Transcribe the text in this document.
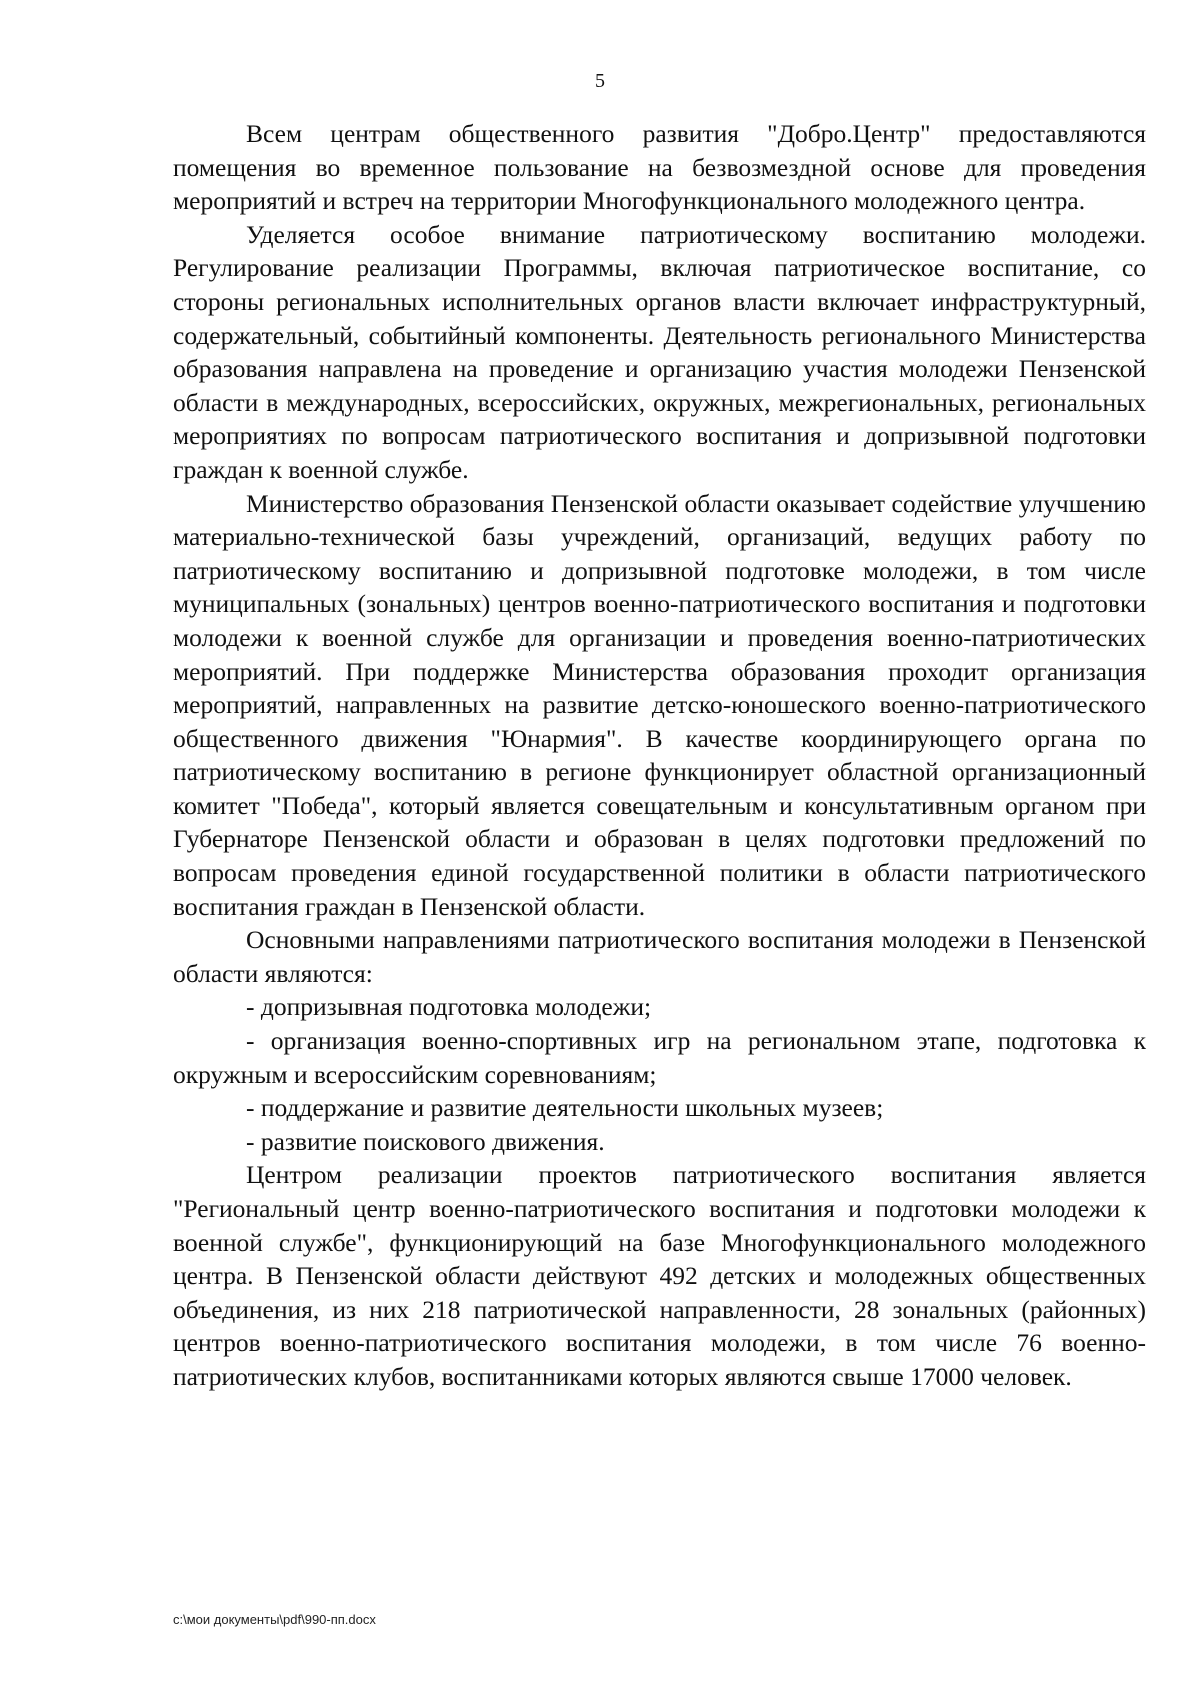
5

Всем центрам общественного развития "Добро.Центр" предоставляются помещения во временное пользование на безвозмездной основе для проведения мероприятий и встреч на территории Многофункционального молодежного центра.

Уделяется особое внимание патриотическому воспитанию молодежи. Регулирование реализации Программы, включая патриотическое воспитание, со стороны региональных исполнительных органов власти включает инфраструктурный, содержательный, событийный компоненты. Деятельность регионального Министерства образования направлена на проведение и организацию участия молодежи Пензенской области в международных, всероссийских, окружных, межрегиональных, региональных мероприятиях по вопросам патриотического воспитания и допризывной подготовки граждан к военной службе.

Министерство образования Пензенской области оказывает содействие улучшению материально-технической базы учреждений, организаций, ведущих работу по патриотическому воспитанию и допризывной подготовке молодежи, в том числе муниципальных (зональных) центров военно-патриотического воспитания и подготовки молодежи к военной службе для организации и проведения военно-патриотических мероприятий. При поддержке Министерства образования проходит организация мероприятий, направленных на развитие детско-юношеского военно-патриотического общественного движения "Юнармия". В качестве координирующего органа по патриотическому воспитанию в регионе функционирует областной организационный комитет "Победа", который является совещательным и консультативным органом при Губернаторе Пензенской области и образован в целях подготовки предложений по вопросам проведения единой государственной политики в области патриотического воспитания граждан в Пензенской области.

Основными направлениями патриотического воспитания молодежи в Пензенской области являются:

- допризывная подготовка молодежи;

- организация военно-спортивных игр на региональном этапе, подготовка к окружным и всероссийским соревнованиям;

- поддержание и развитие деятельности школьных музеев;

- развитие поискового движения.

Центром реализации проектов патриотического воспитания является "Региональный центр военно-патриотического воспитания и подготовки молодежи к военной службе", функционирующий на базе Многофункционального молодежного центра. В Пензенской области действуют 492 детских и молодежных общественных объединения, из них 218 патриотической направленности, 28 зональных (районных) центров военно-патриотического воспитания молодежи, в том числе 76 военно-патриотических клубов, воспитанниками которых являются свыше 17000 человек.

c:\мои документы\pdf\990-пп.docx
